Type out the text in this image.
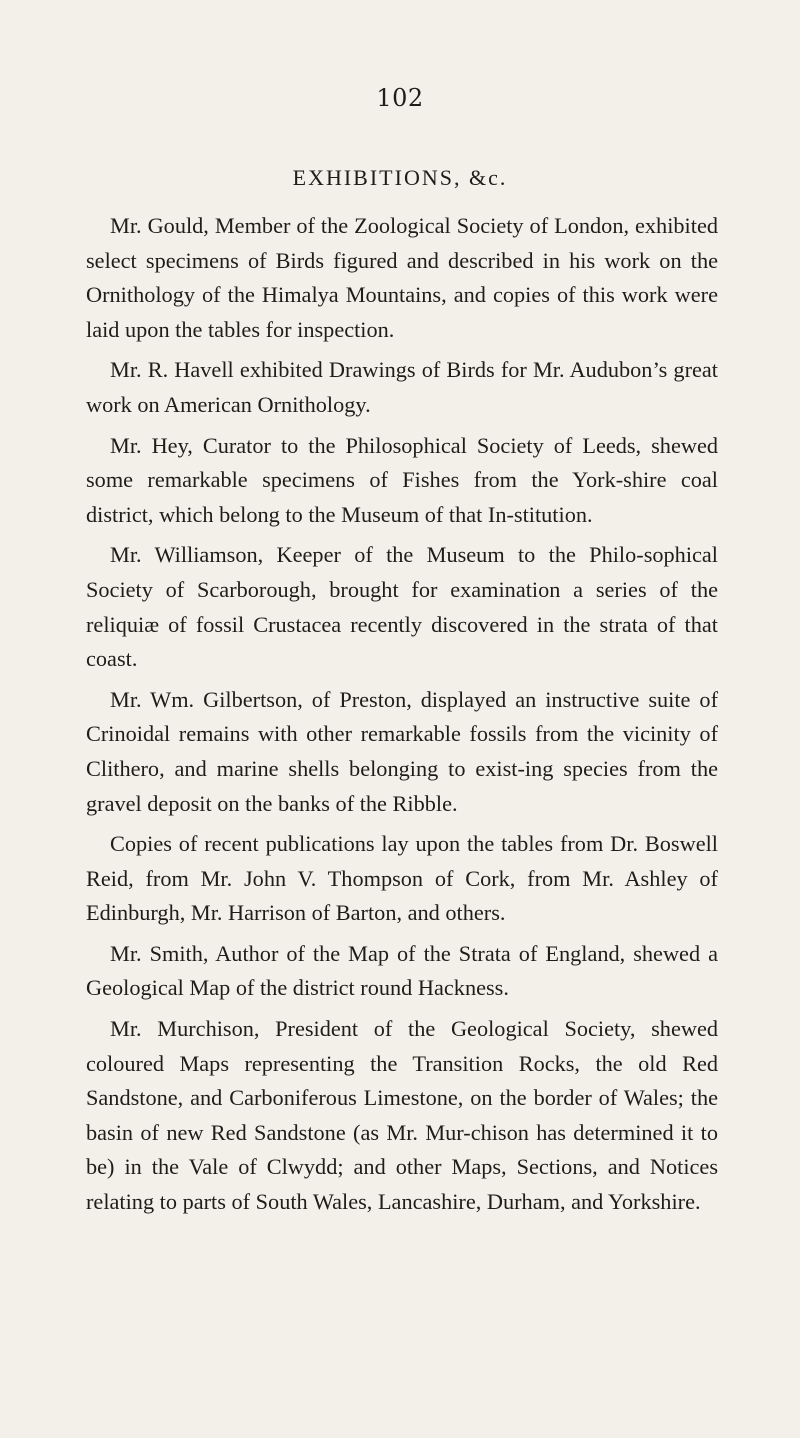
102
EXHIBITIONS, &c.

Mr. Gould, Member of the Zoological Society of London, exhibited select specimens of Birds figured and described in his work on the Ornithology of the Himalya Mountains, and copies of this work were laid upon the tables for inspection.

Mr. R. Havell exhibited Drawings of Birds for Mr. Audubon’s great work on American Ornithology.

Mr. Hey, Curator to the Philosophical Society of Leeds, shewed some remarkable specimens of Fishes from the York-shire coal district, which belong to the Museum of that In-stitution.

Mr. Williamson, Keeper of the Museum to the Philo-sophical Society of Scarborough, brought for examination a series of the reliquiæ of fossil Crustacea recently discovered in the strata of that coast.

Mr. Wm. Gilbertson, of Preston, displayed an instructive suite of Crinoidal remains with other remarkable fossils from the vicinity of Clithero, and marine shells belonging to exist-ing species from the gravel deposit on the banks of the Ribble.

Copies of recent publications lay upon the tables from Dr. Boswell Reid, from Mr. John V. Thompson of Cork, from Mr. Ashley of Edinburgh, Mr. Harrison of Barton, and others.

Mr. Smith, Author of the Map of the Strata of England, shewed a Geological Map of the district round Hackness.

Mr. Murchison, President of the Geological Society, shewed coloured Maps representing the Transition Rocks, the old Red Sandstone, and Carboniferous Limestone, on the border of Wales; the basin of new Red Sandstone (as Mr. Mur-chison has determined it to be) in the Vale of Clwydd; and other Maps, Sections, and Notices relating to parts of South Wales, Lancashire, Durham, and Yorkshire.
